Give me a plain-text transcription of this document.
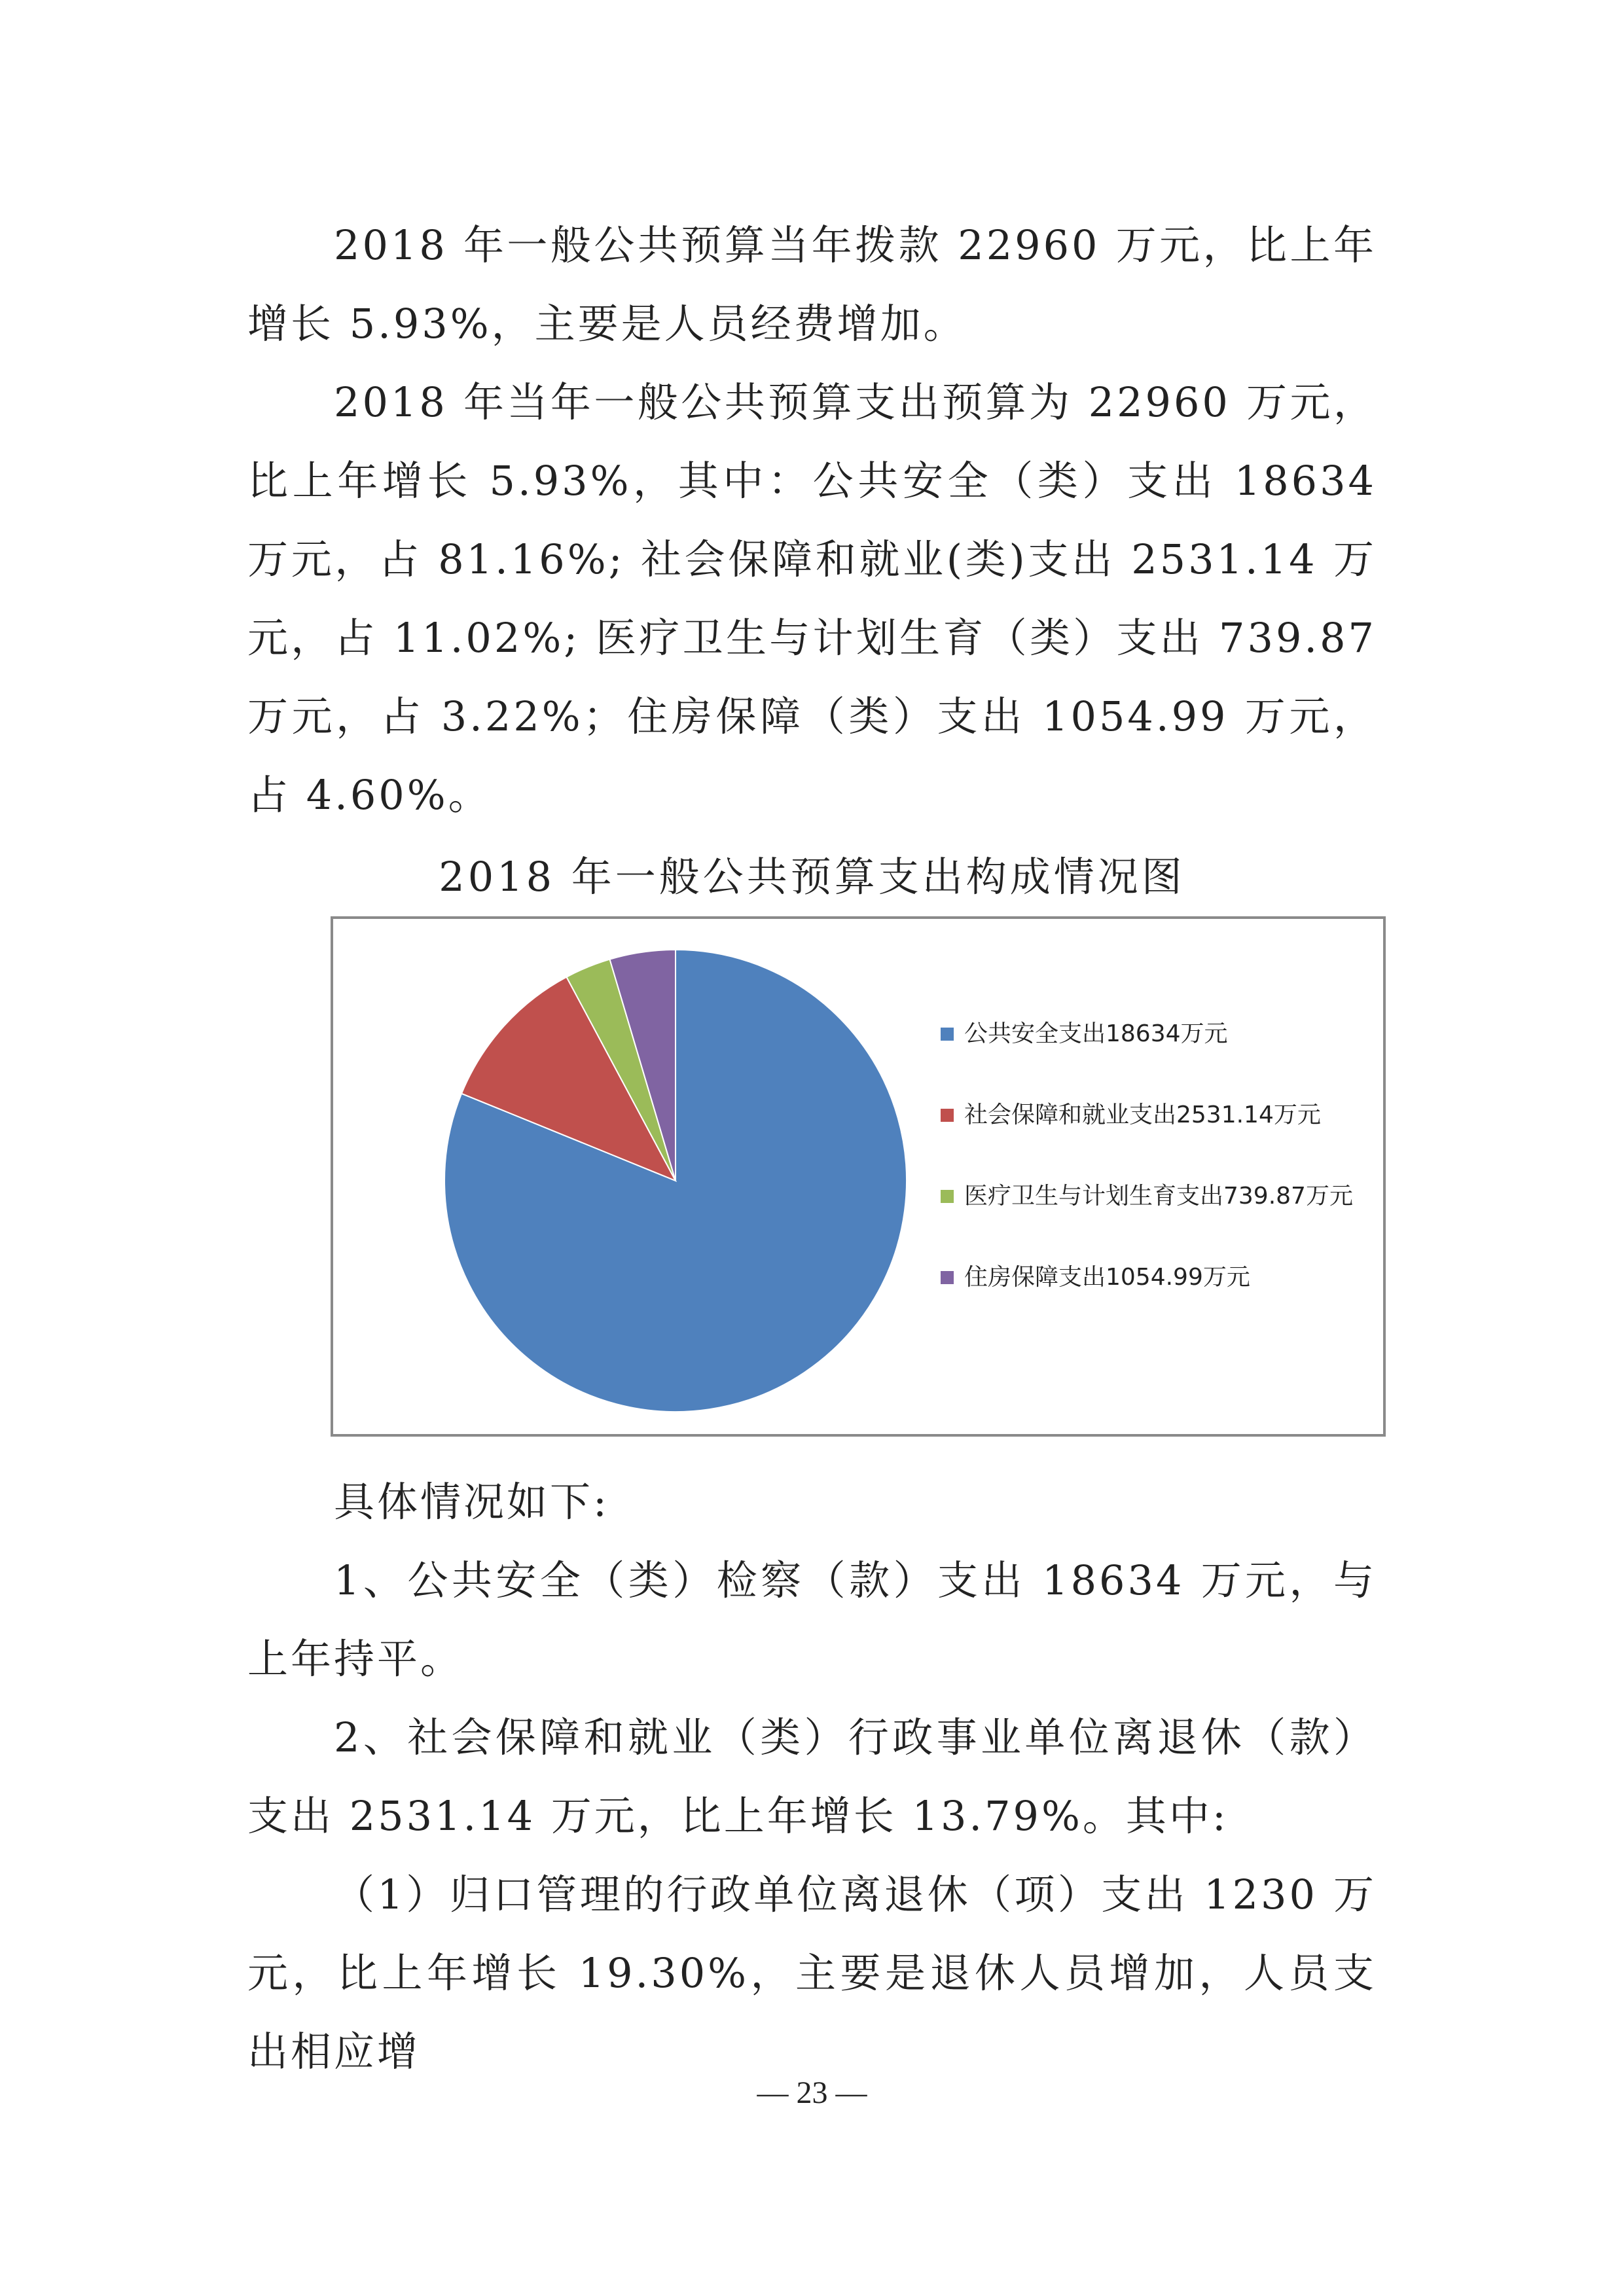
2018 年一般公共预算当年拨款 22960 万元，比上年增长 5.93%，主要是人员经费增加。

2018 年当年一般公共预算支出预算为 22960 万元，比上年增长 5.93%，其中：公共安全（类）支出 18634 万元，占 81.16%; 社会保障和就业(类)支出 2531.14 万元，占 11.02%; 医疗卫生与计划生育（类）支出 739.87 万元，占 3.22%；住房保障（类）支出 1054.99 万元，占 4.60%。

2018 年一般公共预算支出构成情况图

公共安全支出18634万元
社会保障和就业支出2531.14万元
医疗卫生与计划生育支出739.87万元
住房保障支出1054.99万元

具体情况如下:

1、公共安全（类）检察（款）支出 18634 万元，与上年持平。

2、社会保障和就业（类）行政事业单位离退休（款）支出 2531.14 万元，比上年增长 13.79%。其中:

（1）归口管理的行政单位离退休（项）支出 1230 万元，比上年增长 19.30%，主要是退休人员增加，人员支出相应增

— 23 —
